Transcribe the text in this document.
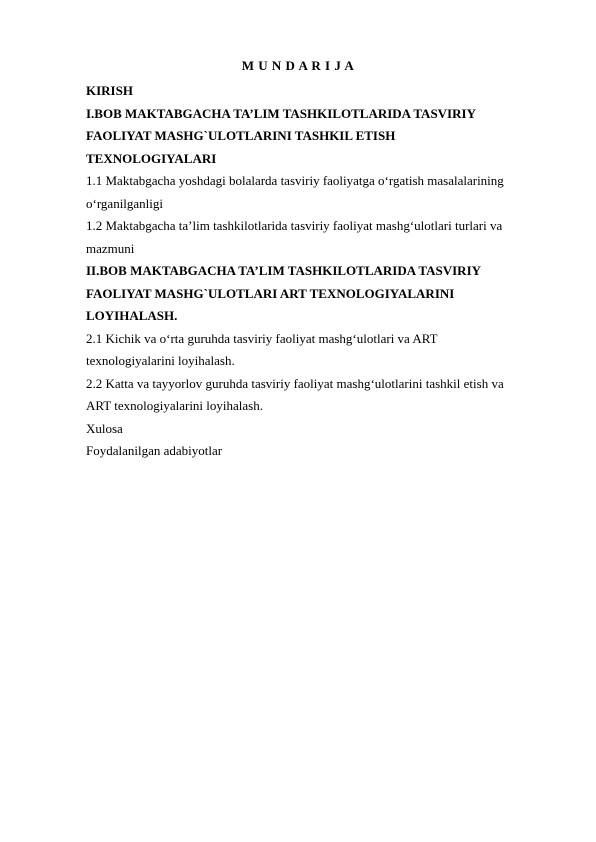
M U N D A R I J A
KIRISH
I.BOB MAKTABGACHA TA’LIM TASHKILOTLARIDA TASVIRIY
FAOLIYAT MASHG`ULOTLARINI TASHKIL ETISH
TEXNOLOGIYALARI
1.1 Maktabgacha yoshdagi bolalarda tasviriy faoliyatga o‘rgatish masalalarining
o‘rganilganligi
1.2 Maktabgacha ta’lim tashkilotlarida tasviriy faoliyat mashg‘ulotlari turlari va
mazmuni
II.BOB MAKTABGACHA TA’LIM TASHKILOTLARIDA TASVIRIY
FAOLIYAT MASHG`ULOTLARI ART TEXNOLOGIYALARINI
LOYIHALASH.
2.1 Kichik va o‘rta guruhda tasviriy faoliyat mashg‘ulotlari va ART
texnologiyalarini loyihalash.
2.2 Katta va tayyorlov guruhda tasviriy faoliyat mashg‘ulotlarini tashkil etish va
ART texnologiyalarini loyihalash.
Xulosa
Foydalanilgan adabiyotlar
